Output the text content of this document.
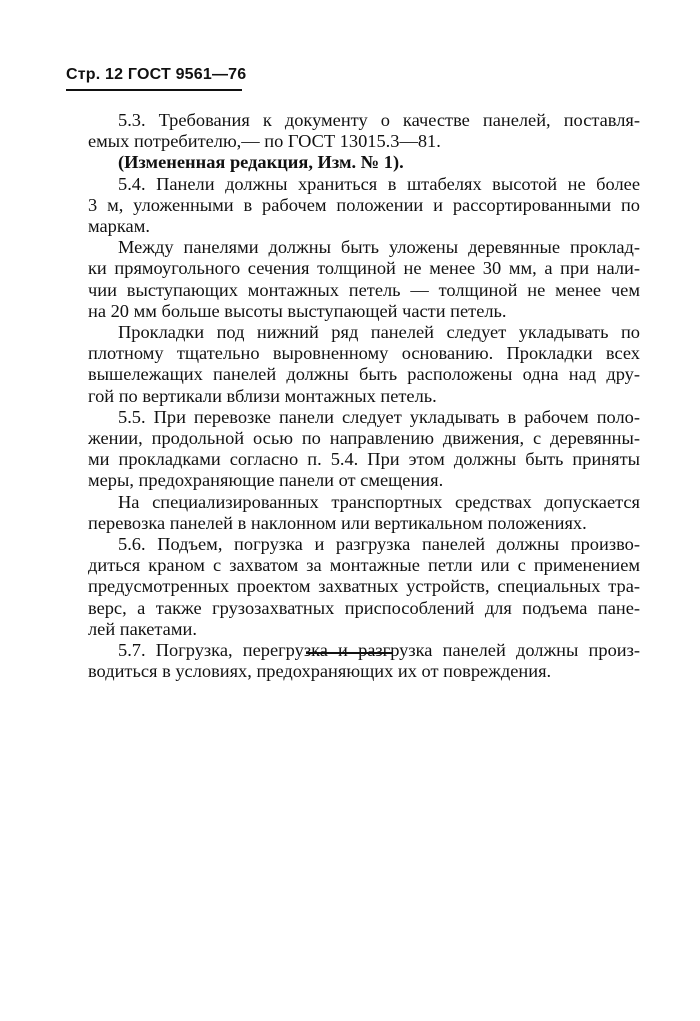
Стр. 12 ГОСТ 9561—76
5.3. Требования к документу о качестве панелей, поставля-
емых потребителю,— по ГОСТ 13015.3—81.
(Измененная редакция, Изм. № 1).
5.4. Панели должны храниться в штабелях высотой не более
3 м, уложенными в рабочем положении и рассортированными по
маркам.
Между панелями должны быть уложены деревянные проклад-
ки прямоугольного сечения толщиной не менее 30 мм, а при нали-
чии выступающих монтажных петель — толщиной не менее чем
на 20 мм больше высоты выступающей части петель.
Прокладки под нижний ряд панелей следует укладывать по
плотному тщательно выровненному основанию. Прокладки всех
вышележащих панелей должны быть расположены одна над дру-
гой по вертикали вблизи монтажных петель.
5.5. При перевозке панели следует укладывать в рабочем поло-
жении, продольной осью по направлению движения, с деревянны-
ми прокладками согласно п. 5.4. При этом должны быть приняты
меры, предохраняющие панели от смещения.
На специализированных транспортных средствах допускается
перевозка панелей в наклонном или вертикальном положениях.
5.6. Подъем, погрузка и разгрузка панелей должны произво-
диться краном с захватом за монтажные петли или с применением
предусмотренных проектом захватных устройств, специальных тра-
верс, а также грузозахватных приспособлений для подъема пане-
лей пакетами.
5.7. Погрузка, перегрузка и разгрузка панелей должны произ-
водиться в условиях, предохраняющих их от повреждения.
